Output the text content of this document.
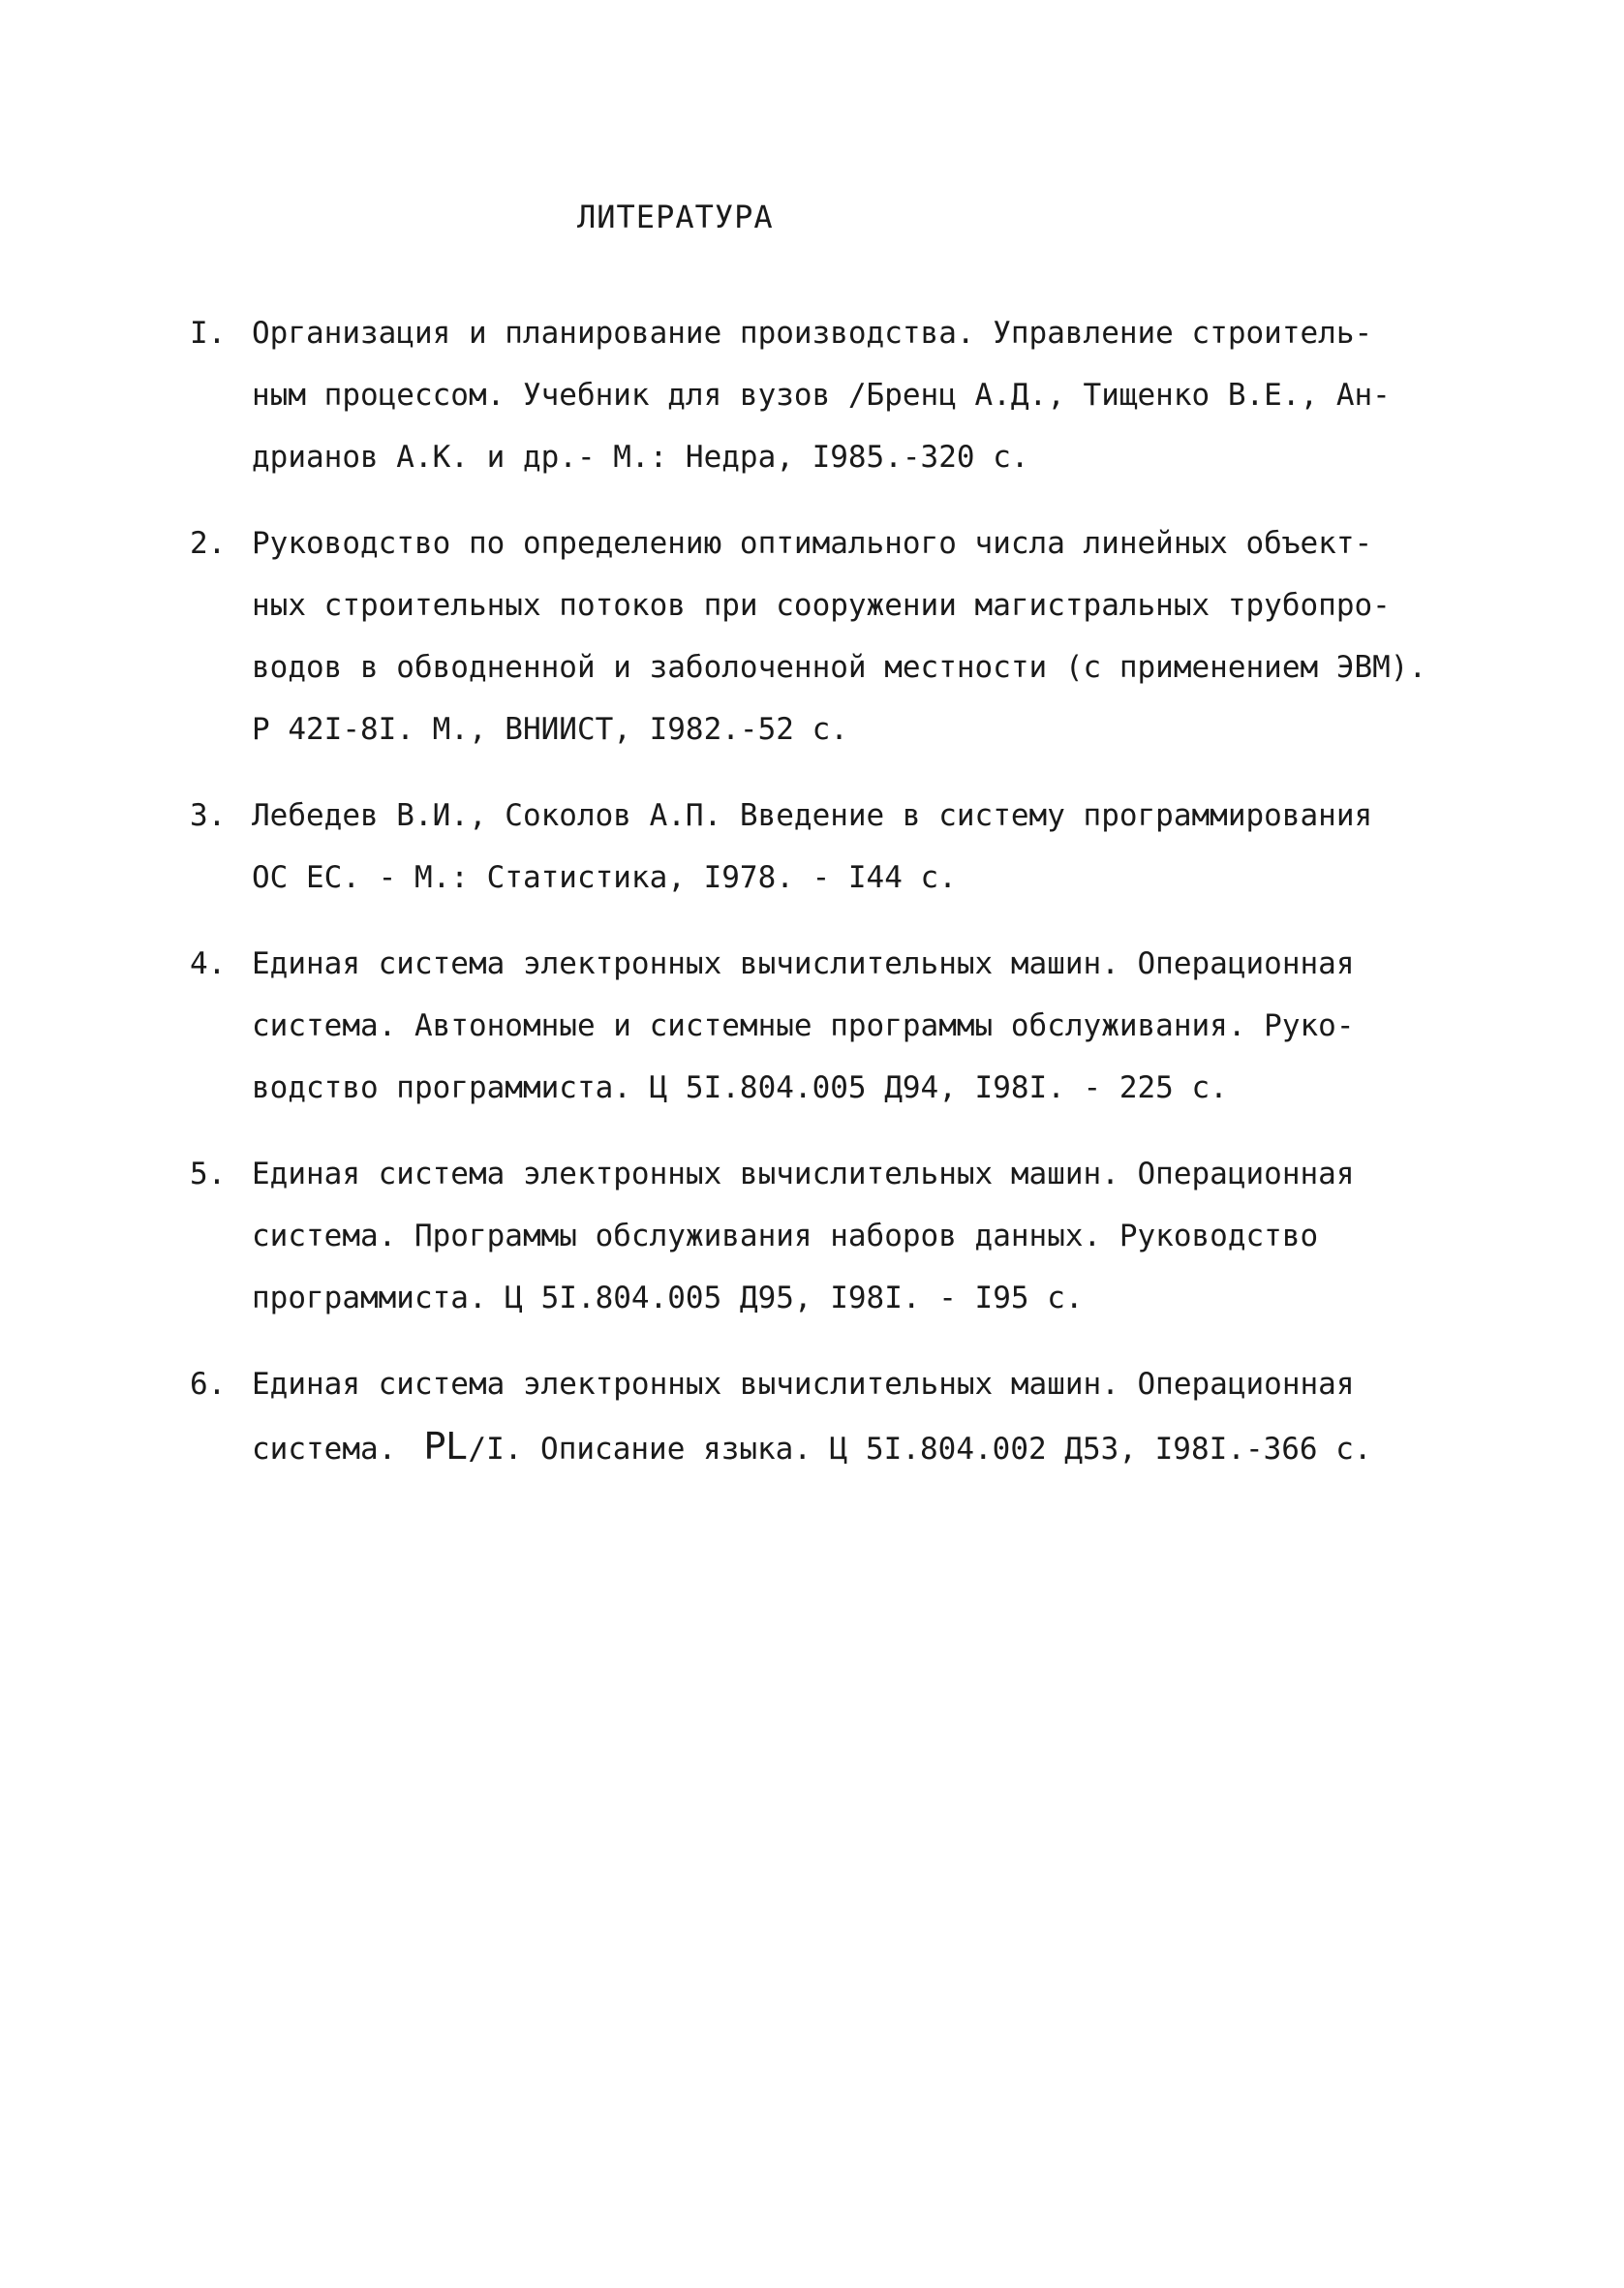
ЛИТЕРАТУРА
I. Организация и планирование производства. Управление строитель-
ным процессом. Учебник для вузов /Бренц А.Д., Тищенко В.Е., Ан-
дрианов А.К. и др.- М.: Недра, I985.-320 с.
2. Руководство по определению оптимального числа линейных объект-
ных строительных потоков при сооружении магистральных трубопро-
водов в обводненной и заболоченной местности (с применением ЭВМ).
Р 42I-8I. М., ВНИИСТ, I982.-52 с.
3. Лебедев В.И., Соколов А.П. Введение в систему программирования
ОС ЕС. - М.: Статистика, I978. - I44 с.
4. Единая система электронных вычислительных машин. Операционная
система. Автономные и системные программы обслуживания. Руко-
водство программиста. Ц 5I.804.005 Д94, I98I. - 225 с.
5. Единая система электронных вычислительных машин. Операционная
система. Программы обслуживания наборов данных. Руководство
программиста. Ц 5I.804.005 Д95, I98I. - I95 с.
6. Единая система электронных вычислительных машин. Операционная
система. PL/I. Описание языка. Ц 5I.804.002 Д53, I98I.-366 с.
